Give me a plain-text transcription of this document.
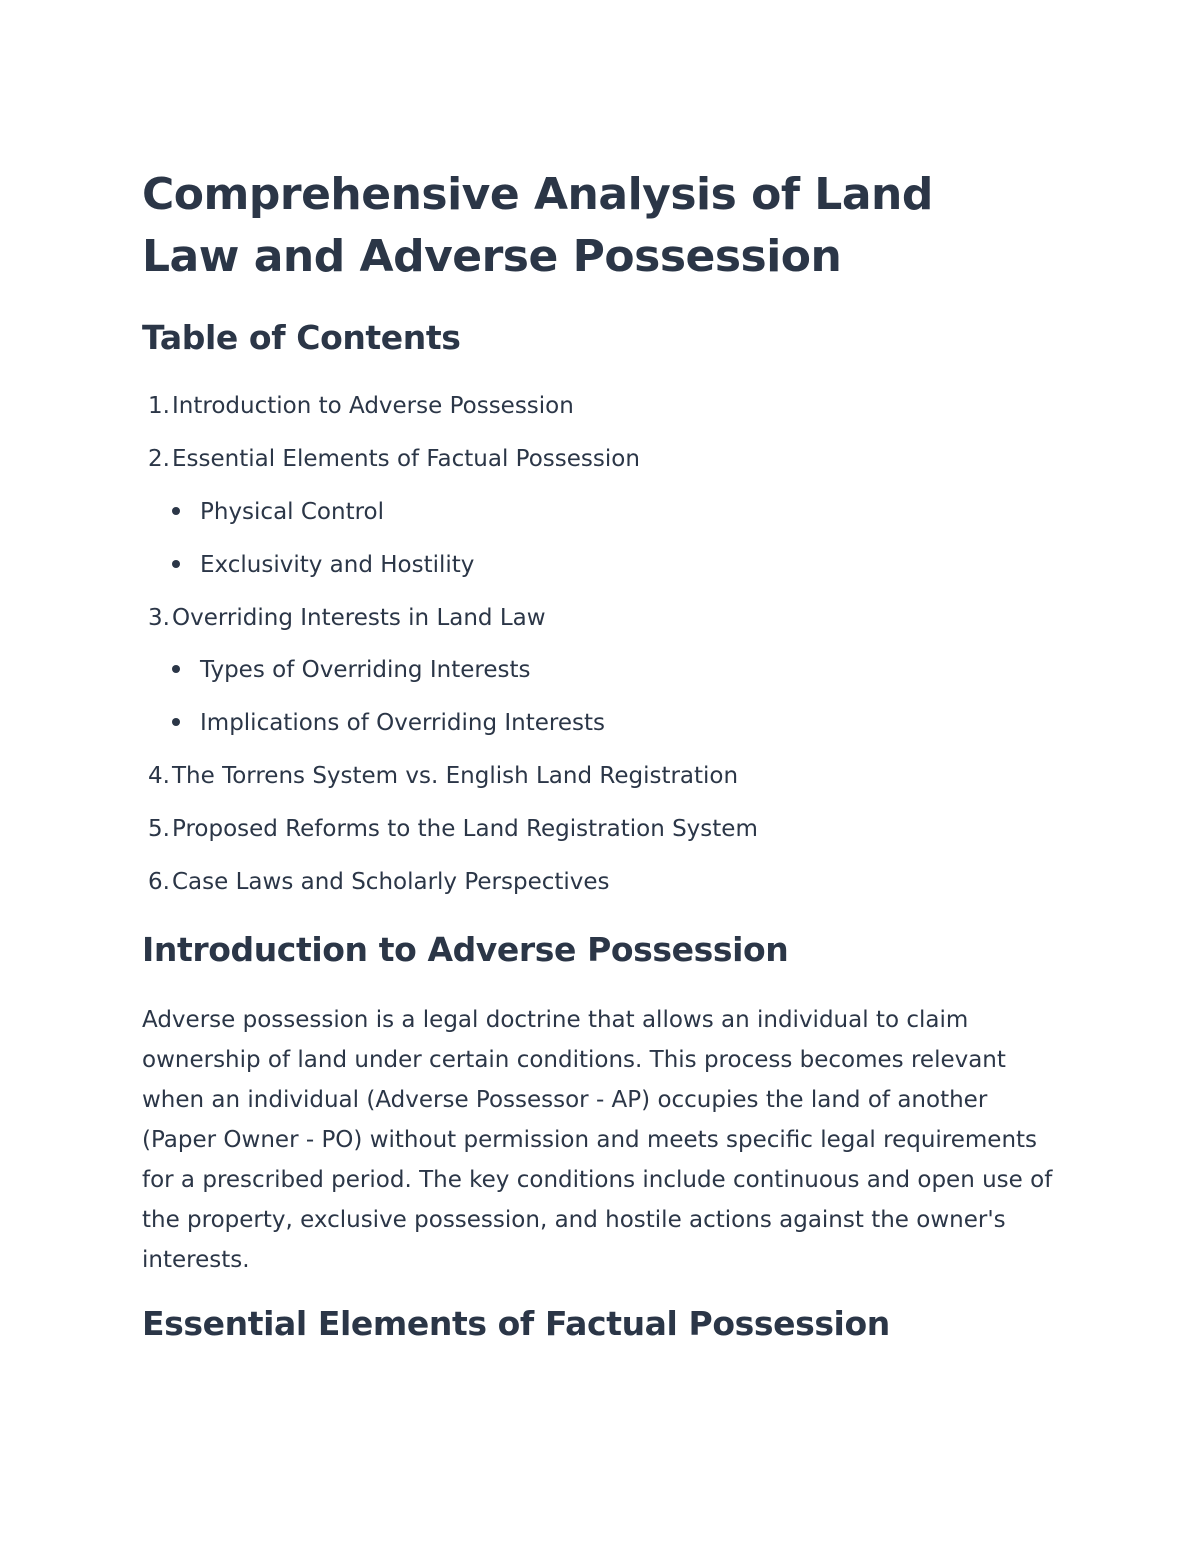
Comprehensive Analysis of Land Law and Adverse Possession
Table of Contents
1.Introduction to Adverse Possession
2.Essential Elements of Factual Possession
Physical Control
Exclusivity and Hostility
3.Overriding Interests in Land Law
Types of Overriding Interests
Implications of Overriding Interests
4.The Torrens System vs. English Land Registration
5.Proposed Reforms to the Land Registration System
6.Case Laws and Scholarly Perspectives
Introduction to Adverse Possession

Adverse possession is a legal doctrine that allows an individual to claim ownership of land under certain conditions. This process becomes relevant when an individual (Adverse Possessor - AP) occupies the land of another (Paper Owner - PO) without permission and meets specific legal requirements for a prescribed period. The key conditions include continuous and open use of the property, exclusive possession, and hostile actions against the owner's interests.

Essential Elements of Factual Possession
